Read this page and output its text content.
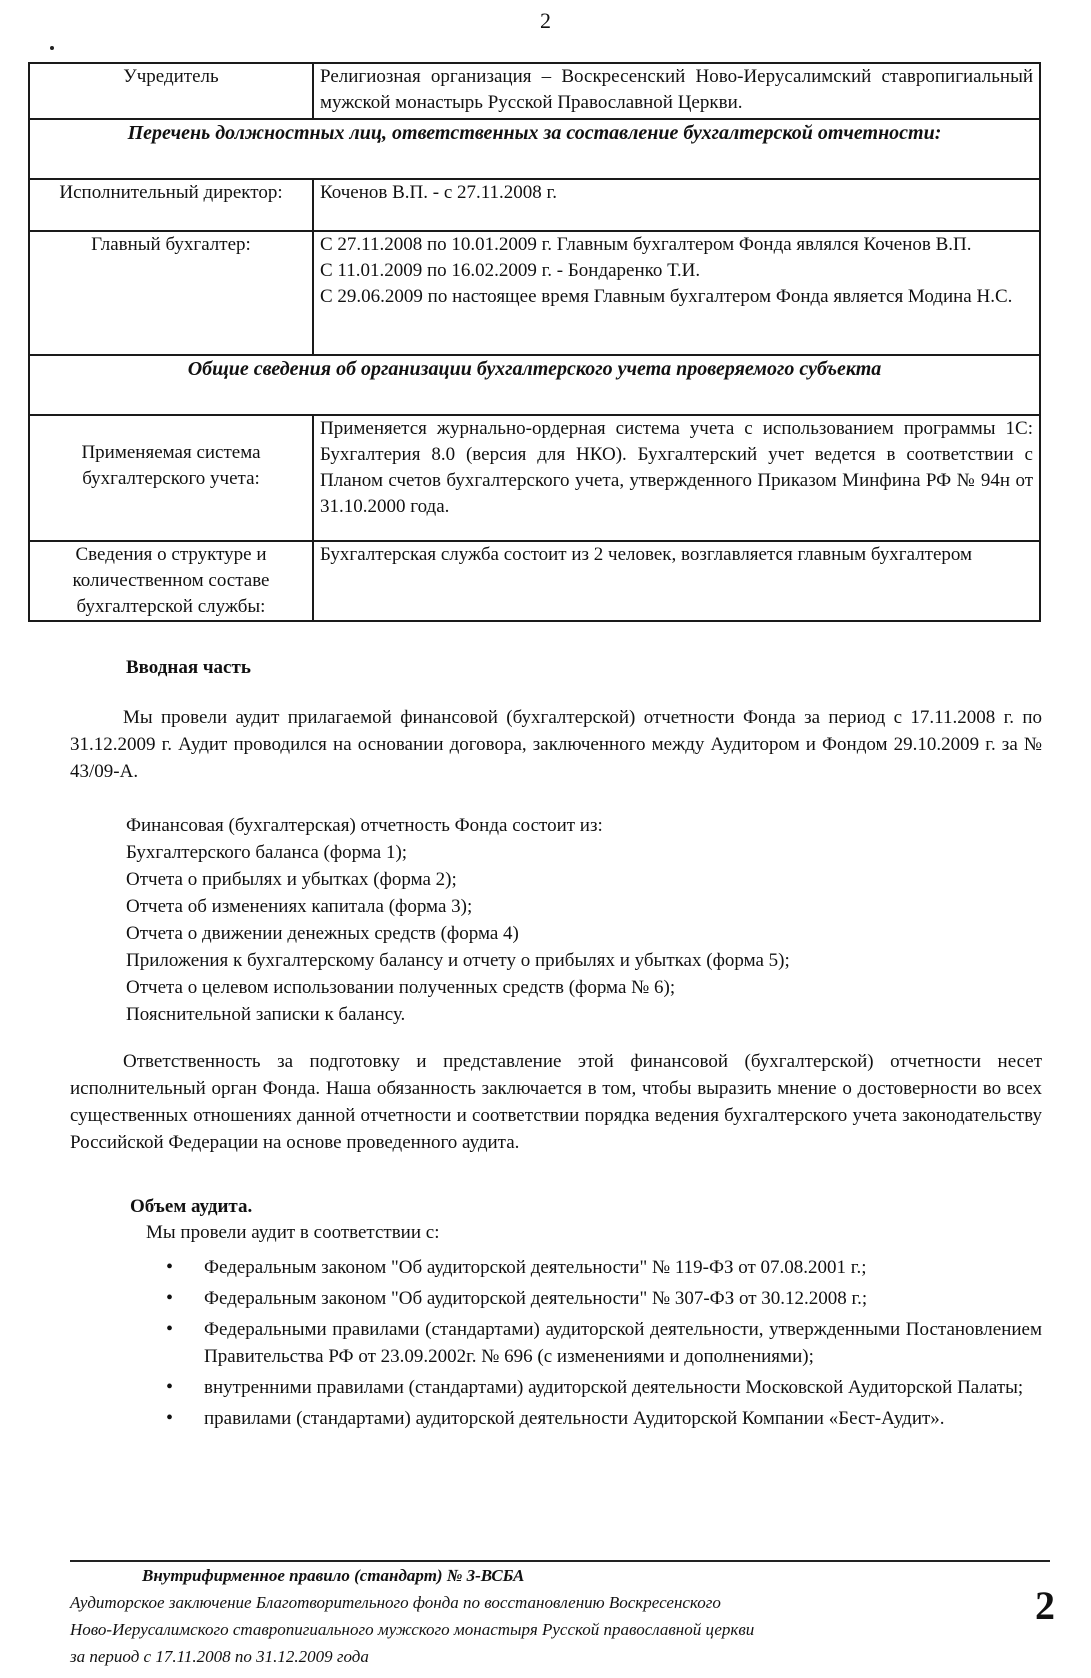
2
Учредитель	Религиозная организация – Воскресенский Ново-Иерусалимский ставропигиальный мужской монастырь Русской Православной Церкви.
Перечень должностных лиц, ответственных за составление бухгалтерской отчетности:	
Исполнительный директор:	Коченов В.П. - с 27.11.2008 г.
Главный бухгалтер:	С 27.11.2008 по 10.01.2009 г. Главным бухгалтером Фонда являлся Коченов В.П.
С 11.01.2009 по 16.02.2009 г. - Бондаренко Т.И.
С 29.06.2009 по настоящее время Главным бухгалтером Фонда является Модина Н.С.

Общие сведения об организации бухгалтерского учета проверяемого субъекта	
Применяемая система бухгалтерского учета:	Применяется журнально-ордерная система учета с использованием программы 1С: Бухгалтерия 8.0 (версия для НКО). Бухгалтерский учет ведется в соответствии с Планом счетов бухгалтерского учета, утвержденного Приказом Минфина РФ № 94н от 31.10.2000 года.
Сведения о структуре и количественном составе бухгалтерской службы:	Бухгалтерская служба состоит из 2 человек, возглавляется главным бухгалтером
Вводная часть

Мы провели аудит прилагаемой финансовой (бухгалтерской) отчетности Фонда за период с 17.11.2008 г. по 31.12.2009 г. Аудит проводился на основании договора, заключенного между Аудитором и Фондом 29.10.2009 г. за № 43/09-А.

Финансовая (бухгалтерская) отчетность Фонда состоит из:
Бухгалтерского баланса (форма 1);
Отчета о прибылях и убытках (форма 2);
Отчета об изменениях капитала (форма 3);
Отчета о движении денежных средств (форма 4)
Приложения к бухгалтерскому балансу и отчету о прибылях и убытках (форма 5);
Отчета о целевом использовании полученных средств (форма № 6);
Пояснительной записки к балансу.

Ответственность за подготовку и представление этой финансовой (бухгалтерской) отчетности несет исполнительный орган Фонда. Наша обязанность заключается в том, чтобы выразить мнение о достоверности во всех существенных отношениях данной отчетности и соответствии порядка ведения бухгалтерского учета законодательству Российской Федерации на основе проведенного аудита.

Объем аудита.
Мы провели аудит в соответствии с:
• Федеральным законом "Об аудиторской деятельности" № 119-ФЗ от 07.08.2001 г.;
• Федеральным законом "Об аудиторской деятельности" № 307-ФЗ от 30.12.2008 г.;
• Федеральными правилами (стандартами) аудиторской деятельности, утвержденными Постановлением Правительства РФ от 23.09.2002г. № 696 (с изменениями и дополнениями);
• внутренними правилами (стандартами) аудиторской деятельности Московской Аудиторской Палаты;
• правилами (стандартами) аудиторской деятельности Аудиторской Компании «Бест-Аудит».
Внутрифирменное правило (стандарт) № 3-ВСБА
Аудиторское заключение Благотворительного фонда по восстановлению Воскресенского
Ново-Иерусалимского ставропигиального мужского монастыря Русской православной церкви
за период с 17.11.2008 по 31.12.2009 года
2
